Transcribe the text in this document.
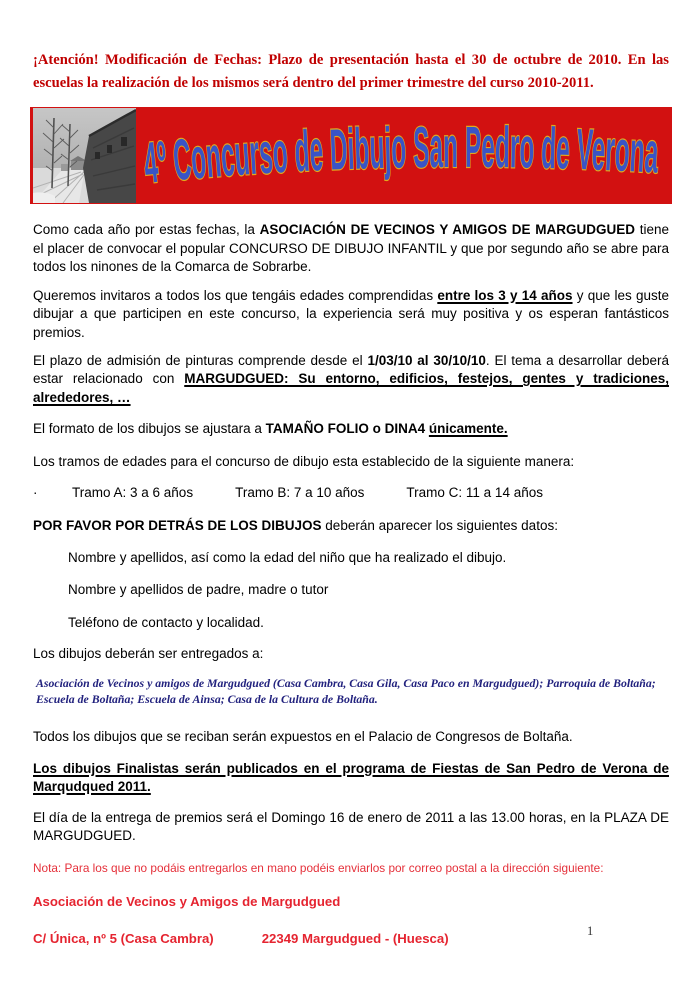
¡Atención! Modificación de Fechas: Plazo de presentación hasta el 30 de octubre de 2010. En las escuelas la realización de los mismos será dentro del primer trimestre del curso 2010-2011.

4º Concurso de Dibujo San Pedro de Verona

Como cada año por estas fechas, la ASOCIACIÓN DE VECINOS Y AMIGOS DE MARGUDGUED tiene el placer de convocar el popular CONCURSO DE DIBUJO INFANTIL y que por segundo año se abre para todos los ninones de la Comarca de Sobrarbe.

Queremos invitaros a todos los que tengáis edades comprendidas entre los 3 y 14 años y que les guste dibujar a que participen en este concurso, la experiencia será muy positiva y os esperan fantásticos premios.

El plazo de admisión de pinturas comprende desde el 1/03/10 al 30/10/10. El tema a desarrollar deberá estar relacionado con MARGUDGUED: Su entorno, edificios, festejos, gentes y tradiciones, alrededores, …

El formato de los dibujos se ajustara a TAMAÑO FOLIO o DINA4 únicamente.

Los tramos de edades para el concurso de dibujo esta establecido de la siguiente manera:

·	Tramo A: 3 a 6 años	Tramo B: 7 a 10 años	Tramo C: 11 a 14 años

POR FAVOR POR DETRÁS DE LOS DIBUJOS deberán aparecer los siguientes datos:

Nombre y apellidos, así como la edad del niño que ha realizado el dibujo.

Nombre y apellidos de padre, madre o tutor

Teléfono de contacto y localidad.

Los dibujos deberán ser entregados a:

Asociación de Vecinos y amigos de Margudgued (Casa Cambra, Casa Gila, Casa Paco en Margudgued); Parroquia de Boltaña; Escuela de Boltaña; Escuela de Ainsa; Casa de la Cultura de Boltaña.

Todos los dibujos que se reciban serán expuestos en el Palacio de Congresos de Boltaña.

Los dibujos Finalistas serán publicados en el programa de Fiestas de San Pedro de Verona de Marqudqued 2011.

El día de la entrega de premios será el Domingo 16 de enero de 2011 a las 13.00 horas, en la PLAZA DE MARGUDGUED.

Nota: Para los que no podáis entregarlos en mano podéis enviarlos por correo postal a la dirección siguiente:

Asociación de Vecinos y Amigos de Margudgued

C/ Única, nº 5 (Casa Cambra)	22349 Margudgued - (Huesca)

1
